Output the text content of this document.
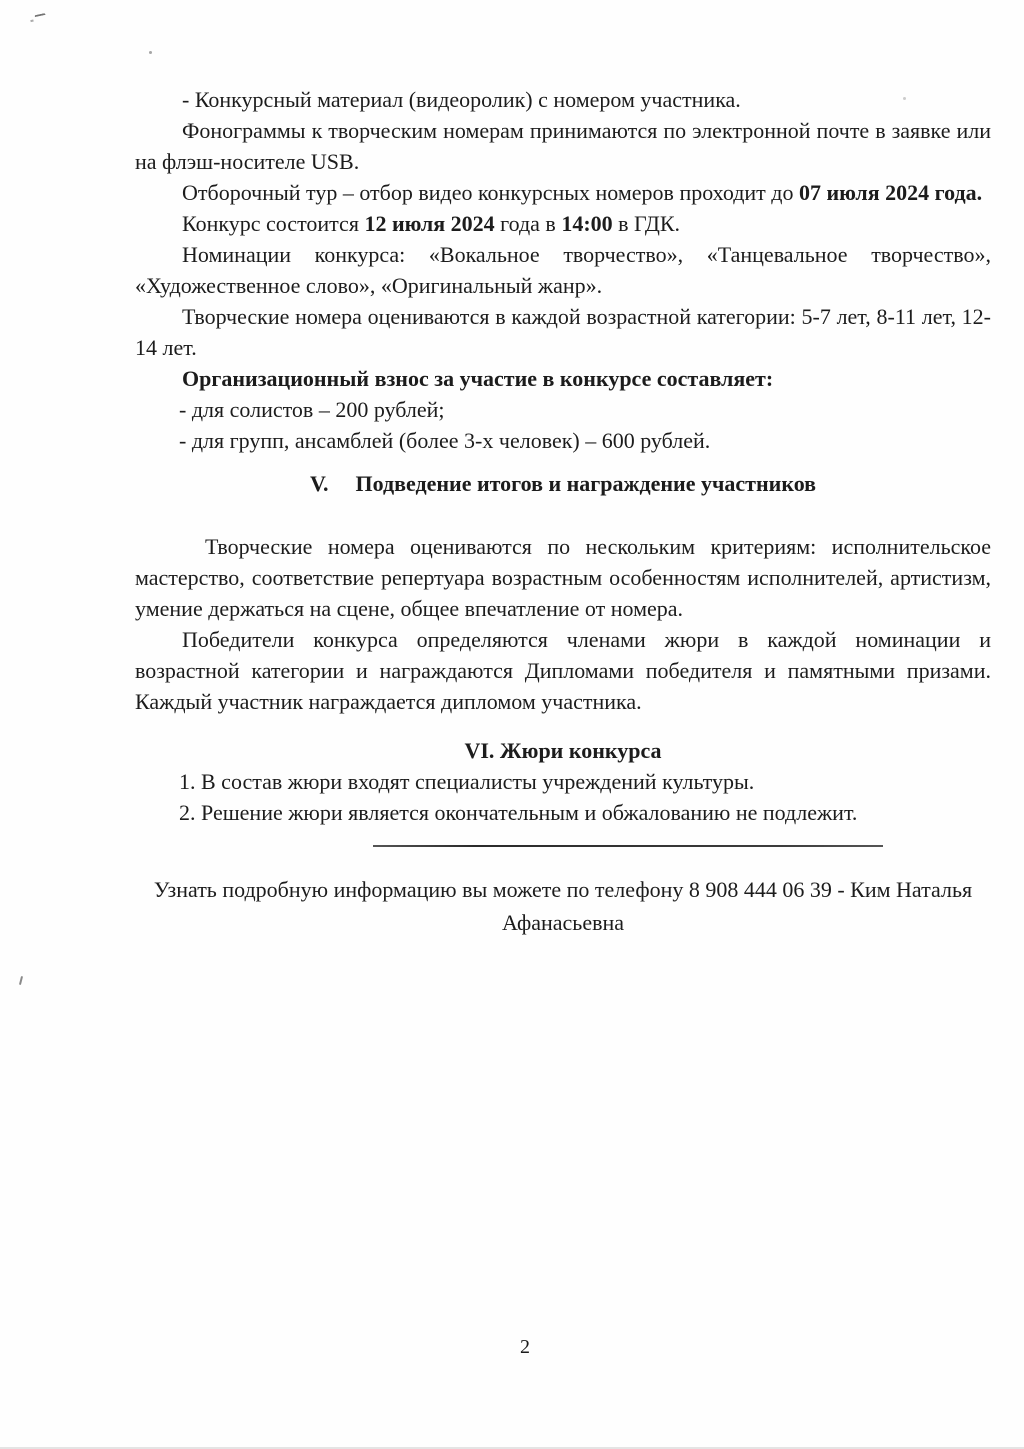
- Конкурсный материал (видеоролик) с номером участника.

Фонограммы к творческим номерам принимаются по электронной почте в заявке или на флэш-носителе USB.

Отборочный тур – отбор видео конкурсных номеров проходит до 07 июля 2024 года.

Конкурс состоится 12 июля 2024 года в 14:00 в ГДК.

Номинации конкурса: «Вокальное творчество», «Танцевальное творчество», «Художественное слово», «Оригинальный жанр».

Творческие номера оцениваются в каждой возрастной категории: 5-7 лет, 8-11 лет, 12-14 лет.

Организационный взнос за участие в конкурсе составляет:

- для солистов – 200 рублей;

- для групп, ансамблей (более 3-х человек) – 600 рублей.

V. Подведение итогов и награждение участников

Творческие номера оцениваются по нескольким критериям: исполнительское мастерство, соответствие репертуара возрастным особенностям исполнителей, артистизм, умение держаться на сцене, общее впечатление от номера.

Победители конкурса определяются членами жюри в каждой номинации и возрастной категории и награждаются Дипломами победителя и памятными призами. Каждый участник награждается дипломом участника.

VI. Жюри конкурса

1. В состав жюри входят специалисты учреждений культуры.

2. Решение жюри является окончательным и обжалованию не подлежит.

Узнать подробную информацию вы можете по телефону 8 908 444 06 39 - Ким Наталья Афанасьевна

2
